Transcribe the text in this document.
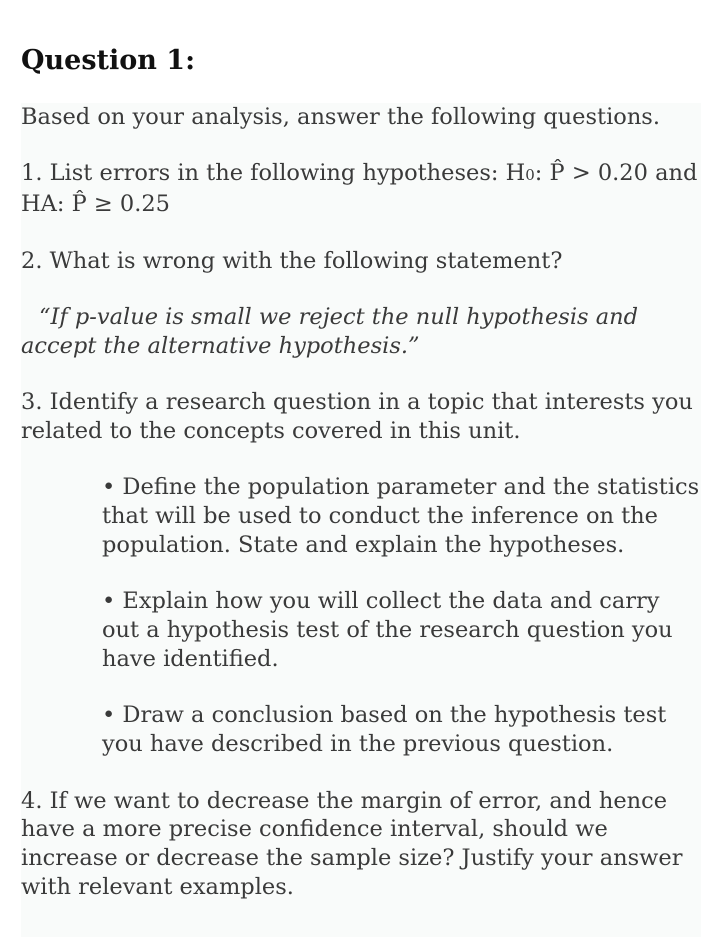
Question 1:

Based on your analysis, answer the following questions.

1. List errors in the following hypotheses: H0: P̂ > 0.20 and
HA: P̂ ≥ 0.25

2. What is wrong with the following statement?

“If p-value is small we reject the null hypothesis and accept the alternative hypothesis.”

3. Identify a research question in a topic that interests you related to the concepts covered in this unit.

• Define the population parameter and the statistics that will be used to conduct the inference on the population. State and explain the hypotheses.

• Explain how you will collect the data and carry out a hypothesis test of the research question you have identified.

• Draw a conclusion based on the hypothesis test you have described in the previous question.

4. If we want to decrease the margin of error, and hence have a more precise confidence interval, should we increase or decrease the sample size? Justify your answer with relevant examples.
